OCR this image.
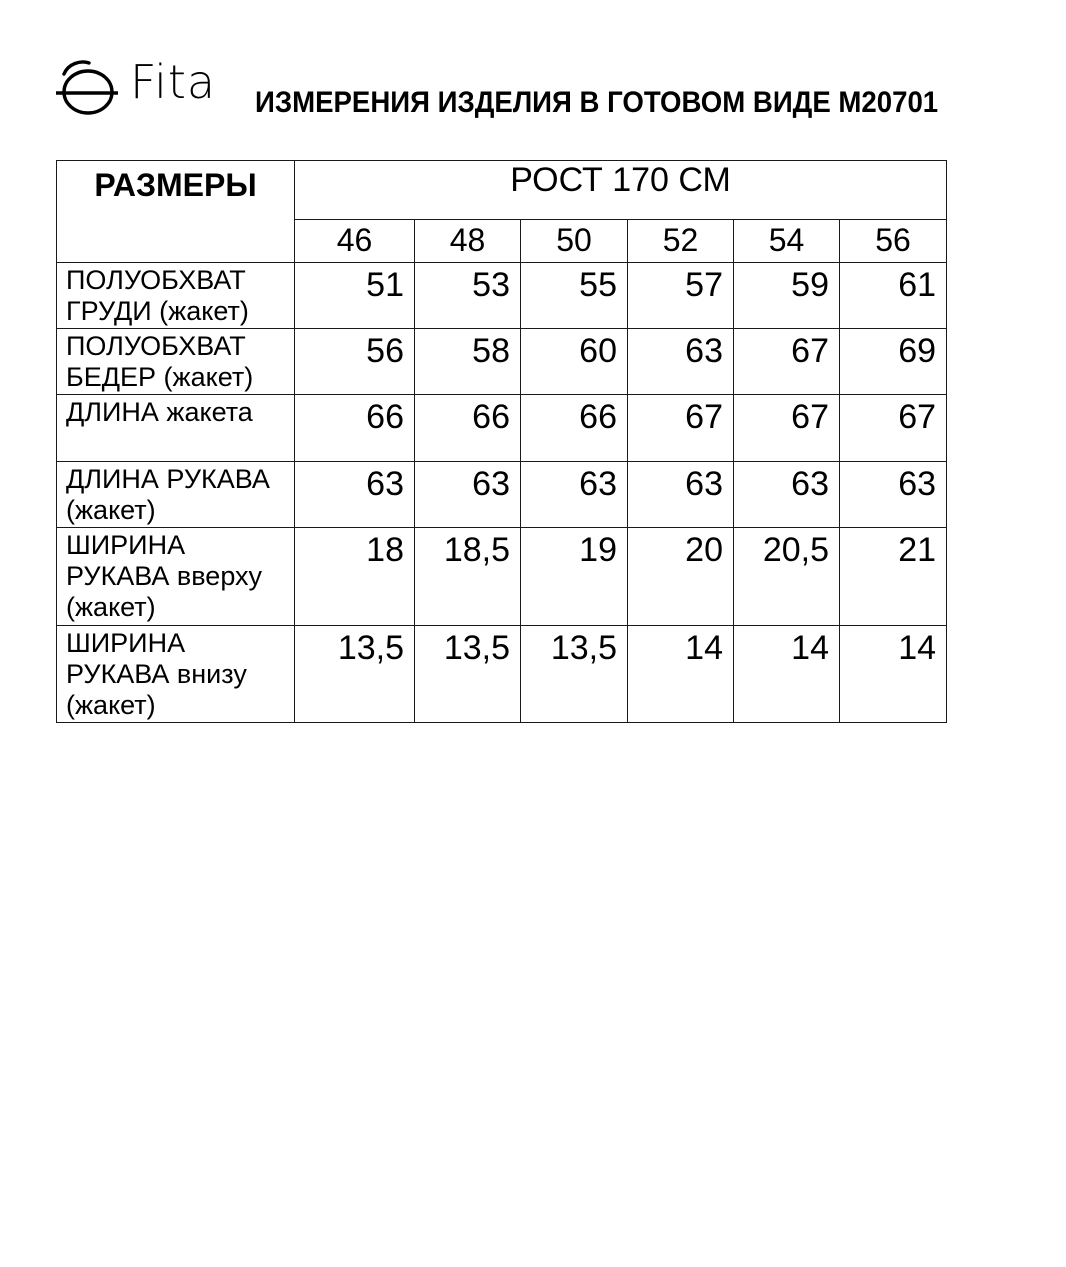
Fita ИЗМЕРЕНИЯ ИЗДЕЛИЯ В ГОТОВОМ ВИДЕ М20701
РАЗМЕРЫ	РОСТ 170 СМ					
	46	48	50	52	54	56
ПОЛУОБХВАТ ГРУДИ (жакет)	51	53	55	57	59	61
ПОЛУОБХВАТ БЕДЕР (жакет)	56	58	60	63	67	69
ДЛИНА жакета	66	66	66	67	67	67
ДЛИНА РУКАВА (жакет)	63	63	63	63	63	63
ШИРИНА РУКАВА вверху (жакет)	18	18,5	19	20	20,5	21
ШИРИНА РУКАВА внизу (жакет)	13,5	13,5	13,5	14	14	14
